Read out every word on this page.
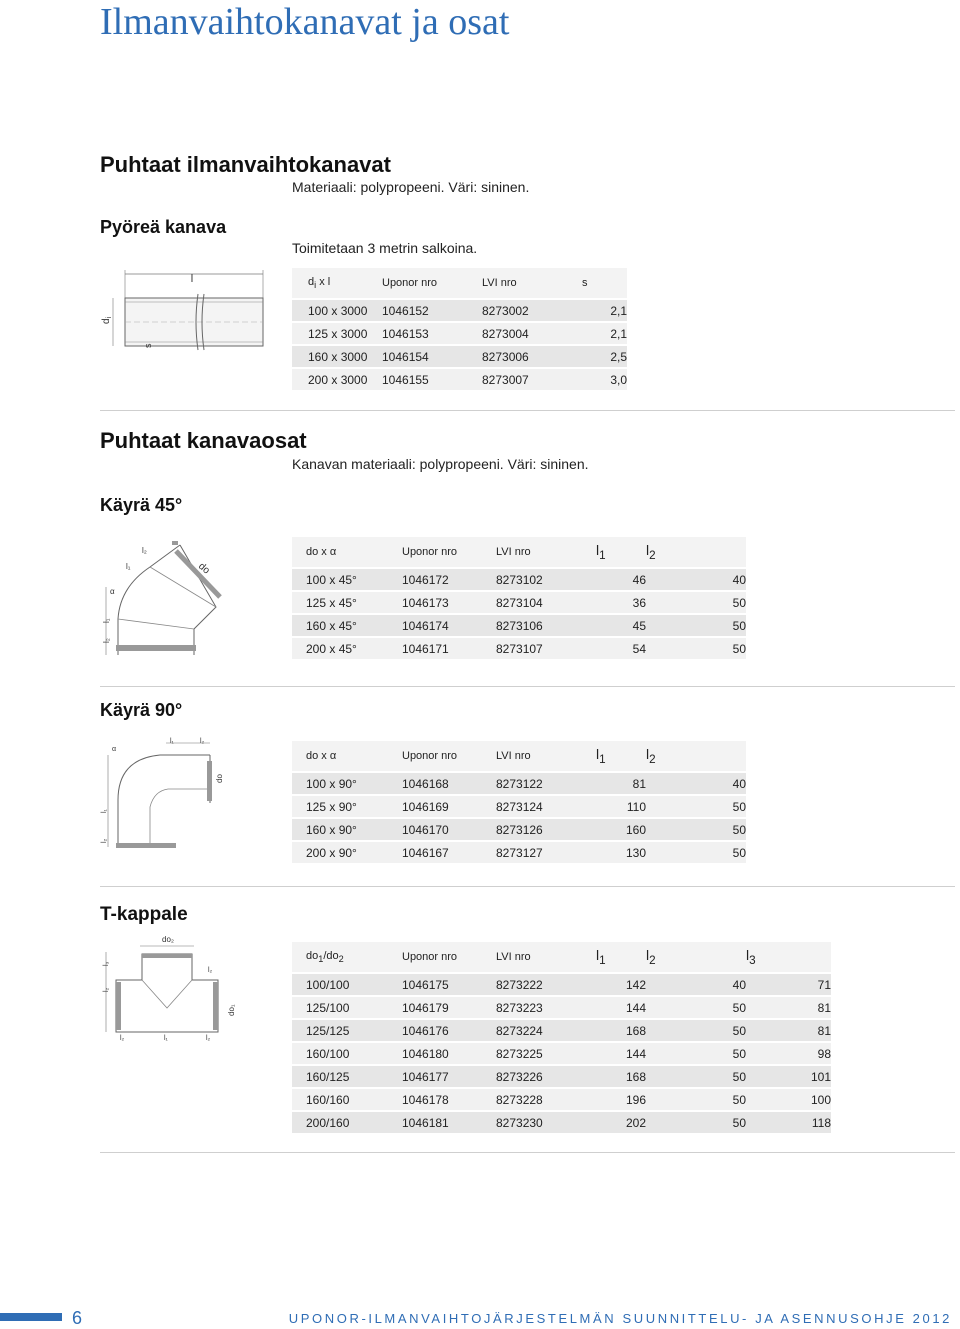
Ilmanvaihtokanavat ja osat
Puhtaat ilmanvaihtokanavat
Materiaali: polypropeeni. Väri: sininen.
Pyöreä kanava
Toimitetaan 3 metrin salkoina.
l
$d_i$
s
$d_i$ x l	Uponor nro	LVI nro	s
100 x 3000	1046152	8273002	2,1
125 x 3000	1046153	8273004	2,1
160 x 3000	1046154	8273006	2,5
200 x 3000	1046155	8273007	3,0
Puhtaat kanavaosat
Kanavan materiaali: polypropeeni. Väri: sininen.
Käyrä 45°
α
l₁
l₂
l₁
l₂
do
do x α	Uponor nro	LVI nro	$l_1$	$l_2$
100 x 45°	1046172	8273102	46	40
125 x 45°	1046173	8273104	36	50
160 x 45°	1046174	8273106	45	50
200 x 45°	1046171	8273107	54	50
Käyrä 90°
α
l₁	l₂
l₁
l₂
do
do x α	Uponor nro	LVI nro	$l_1$	$l_2$
100 x 90°	1046168	8273122	81	40
125 x 90°	1046169	8273124	110	50
160 x 90°	1046170	8273126	160	50
200 x 90°	1046167	8273127	130	50
T-kappale
do₂
l₃
l₂
l₂
l₂	l₁	l₂
do₁
$do_1/do_2$	Uponor nro	LVI nro	$l_1$	$l_2$	$l_3$
100/100	1046175	8273222	142	40	71
125/100	1046179	8273223	144	50	81
125/125	1046176	8273224	168	50	81
160/100	1046180	8273225	144	50	98
160/125	1046177	8273226	168	50	101
160/160	1046178	8273228	196	50	100
200/160	1046181	8273230	202	50	118
6	UPONOR-ILMANVAIHTOJÄRJESTELMÄN SUUNNITTELU- JA ASENNUSOHJE 2012
